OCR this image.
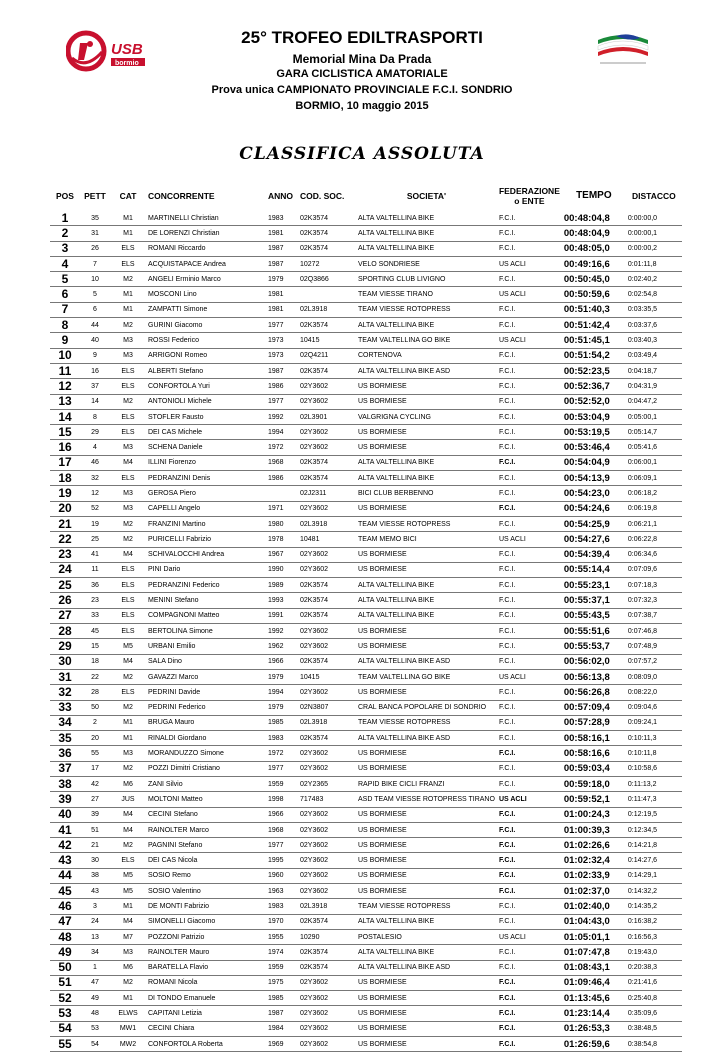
USB
bormio
25° TROFEO EDILTRASPORTI
Memorial Mina Da Prada
GARA CICLISTICA AMATORIALE
Prova unica CAMPIONATO PROVINCIALE F.C.I. SONDRIO
BORMIO, 10 maggio 2015
CLASSIFICA ASSOLUTA
POS	PETT	CAT	CONCORRENTE	ANNO	COD. SOC.	SOCIETA'	FEDERAZIONE
o ENTE	TEMPO	DISTACCO
1	35	M1	MARTINELLI Christian	1983	02K3574	ALTA VALTELLINA BIKE	F.C.I.	00:48:04,8	0:00:00,0
2	31	M1	DE LORENZI Christian	1981	02K3574	ALTA VALTELLINA BIKE	F.C.I.	00:48:04,9	0:00:00,1
3	26	ELS	ROMANI Riccardo	1987	02K3574	ALTA VALTELLINA BIKE	F.C.I.	00:48:05,0	0:00:00,2
4	7	ELS	ACQUISTAPACE Andrea	1987	10272	VELO SONDRIESE	US ACLI	00:49:16,6	0:01:11,8
5	10	M2	ANGELI Erminio Marco	1979	02Q3866	SPORTING CLUB LIVIGNO	F.C.I.	00:50:45,0	0:02:40,2
6	5	M1	MOSCONI Lino	1981		TEAM VIESSE TIRANO	US ACLI	00:50:59,6	0:02:54,8
7	6	M1	ZAMPATTI Simone	1981	02L3918	TEAM VIESSE ROTOPRESS	F.C.I.	00:51:40,3	0:03:35,5
8	44	M2	GURINI Giacomo	1977	02K3574	ALTA VALTELLINA BIKE	F.C.I.	00:51:42,4	0:03:37,6
9	40	M3	ROSSI Federico	1973	10415	TEAM VALTELLINA GO BIKE	US ACLI	00:51:45,1	0:03:40,3
10	9	M3	ARRIGONI Romeo	1973	02Q4211	CORTENOVA	F.C.I.	00:51:54,2	0:03:49,4
11	16	ELS	ALBERTI Stefano	1987	02K3574	ALTA VALTELLINA BIKE ASD	F.C.I.	00:52:23,5	0:04:18,7
12	37	ELS	CONFORTOLA Yuri	1986	02Y3602	US BORMIESE	F.C.I.	00:52:36,7	0:04:31,9
13	14	M2	ANTONIOLI Michele	1977	02Y3602	US BORMIESE	F.C.I.	00:52:52,0	0:04:47,2
14	8	ELS	STOFLER Fausto	1992	02L3901	VALGRIGNA CYCLING	F.C.I.	00:53:04,9	0:05:00,1
15	29	ELS	DEI CAS Michele	1994	02Y3602	US BORMIESE	F.C.I.	00:53:19,5	0:05:14,7
16	4	M3	SCHENA Daniele	1972	02Y3602	US BORMIESE	F.C.I.	00:53:46,4	0:05:41,6
17	46	M4	ILLINI Fiorenzo	1968	02K3574	ALTA VALTELLINA BIKE	F.C.I.	00:54:04,9	0:06:00,1
18	32	ELS	PEDRANZINI Denis	1986	02K3574	ALTA VALTELLINA BIKE	F.C.I.	00:54:13,9	0:06:09,1
19	12	M3	GEROSA Piero		02J2311	BICI CLUB BERBENNO	F.C.I.	00:54:23,0	0:06:18,2
20	52	M3	CAPELLI Angelo	1971	02Y3602	US BORMIESE	F.C.I.	00:54:24,6	0:06:19,8
21	19	M2	FRANZINI Martino	1980	02L3918	TEAM VIESSE ROTOPRESS	F.C.I.	00:54:25,9	0:06:21,1
22	25	M2	PURICELLI Fabrizio	1978	10481	TEAM MEMO BICI	US ACLI	00:54:27,6	0:06:22,8
23	41	M4	SCHIVALOCCHI Andrea	1967	02Y3602	US BORMIESE	F.C.I.	00:54:39,4	0:06:34,6
24	11	ELS	PINI Dario	1990	02Y3602	US BORMIESE	F.C.I.	00:55:14,4	0:07:09,6
25	36	ELS	PEDRANZINI Federico	1989	02K3574	ALTA VALTELLINA BIKE	F.C.I.	00:55:23,1	0:07:18,3
26	23	ELS	MENINI Stefano	1993	02K3574	ALTA VALTELLINA BIKE	F.C.I.	00:55:37,1	0:07:32,3
27	33	ELS	COMPAGNONI Matteo	1991	02K3574	ALTA VALTELLINA BIKE	F.C.I.	00:55:43,5	0:07:38,7
28	45	ELS	BERTOLINA Simone	1992	02Y3602	US BORMIESE	F.C.I.	00:55:51,6	0:07:46,8
29	15	M5	URBANI Emilio	1962	02Y3602	US BORMIESE	F.C.I.	00:55:53,7	0:07:48,9
30	18	M4	SALA Dino	1966	02K3574	ALTA VALTELLINA BIKE ASD	F.C.I.	00:56:02,0	0:07:57,2
31	22	M2	GAVAZZI Marco	1979	10415	TEAM VALTELLINA GO BIKE	US ACLI	00:56:13,8	0:08:09,0
32	28	ELS	PEDRINI Davide	1994	02Y3602	US BORMIESE	F.C.I.	00:56:26,8	0:08:22,0
33	50	M2	PEDRINI Federico	1979	02N3807	CRAL BANCA POPOLARE DI SONDRIO	F.C.I.	00:57:09,4	0:09:04,6
34	2	M1	BRUGA Mauro	1985	02L3918	TEAM VIESSE ROTOPRESS	F.C.I.	00:57:28,9	0:09:24,1
35	20	M1	RINALDI Giordano	1983	02K3574	ALTA VALTELLINA BIKE ASD	F.C.I.	00:58:16,1	0:10:11,3
36	55	M3	MORANDUZZO Simone	1972	02Y3602	US BORMIESE	F.C.I.	00:58:16,6	0:10:11,8
37	17	M2	POZZI Dimitri Cristiano	1977	02Y3602	US BORMIESE	F.C.I.	00:59:03,4	0:10:58,6
38	42	M6	ZANI Silvio	1959	02Y2365	RAPID BIKE CICLI FRANZI	F.C.I.	00:59:18,0	0:11:13,2
39	27	JUS	MOLTONI Matteo	1998	717483	ASD TEAM VIESSE ROTOPRESS TIRANO	US ACLI	00:59:52,1	0:11:47,3
40	39	M4	CECINI Stefano	1966	02Y3602	US BORMIESE	F.C.I.	01:00:24,3	0:12:19,5
41	51	M4	RAINOLTER Marco	1968	02Y3602	US BORMIESE	F.C.I.	01:00:39,3	0:12:34,5
42	21	M2	PAGNINI Stefano	1977	02Y3602	US BORMIESE	F.C.I.	01:02:26,6	0:14:21,8
43	30	ELS	DEI CAS Nicola	1995	02Y3602	US BORMIESE	F.C.I.	01:02:32,4	0:14:27,6
44	38	M5	SOSIO Remo	1960	02Y3602	US BORMIESE	F.C.I.	01:02:33,9	0:14:29,1
45	43	M5	SOSIO Valentino	1963	02Y3602	US BORMIESE	F.C.I.	01:02:37,0	0:14:32,2
46	3	M1	DE MONTI Fabrizio	1983	02L3918	TEAM VIESSE ROTOPRESS	F.C.I.	01:02:40,0	0:14:35,2
47	24	M4	SIMONELLI Giacomo	1970	02K3574	ALTA VALTELLINA BIKE	F.C.I.	01:04:43,0	0:16:38,2
48	13	M7	POZZONI Patrizio	1955	10290	POSTALESIO	US ACLI	01:05:01,1	0:16:56,3
49	34	M3	RAINOLTER Mauro	1974	02K3574	ALTA VALTELLINA BIKE	F.C.I.	01:07:47,8	0:19:43,0
50	1	M6	BARATELLA Flavio	1959	02K3574	ALTA VALTELLINA BIKE ASD	F.C.I.	01:08:43,1	0:20:38,3
51	47	M2	ROMANI Nicola	1975	02Y3602	US BORMIESE	F.C.I.	01:09:46,4	0:21:41,6
52	49	M1	DI TONDO Emanuele	1985	02Y3602	US BORMIESE	F.C.I.	01:13:45,6	0:25:40,8
53	48	ELWS	CAPITANI Letizia	1987	02Y3602	US BORMIESE	F.C.I.	01:23:14,4	0:35:09,6
54	53	MW1	CECINI Chiara	1984	02Y3602	US BORMIESE	F.C.I.	01:26:53,3	0:38:48,5
55	54	MW2	CONFORTOLA Roberta	1969	02Y3602	US BORMIESE	F.C.I.	01:26:59,6	0:38:54,8
